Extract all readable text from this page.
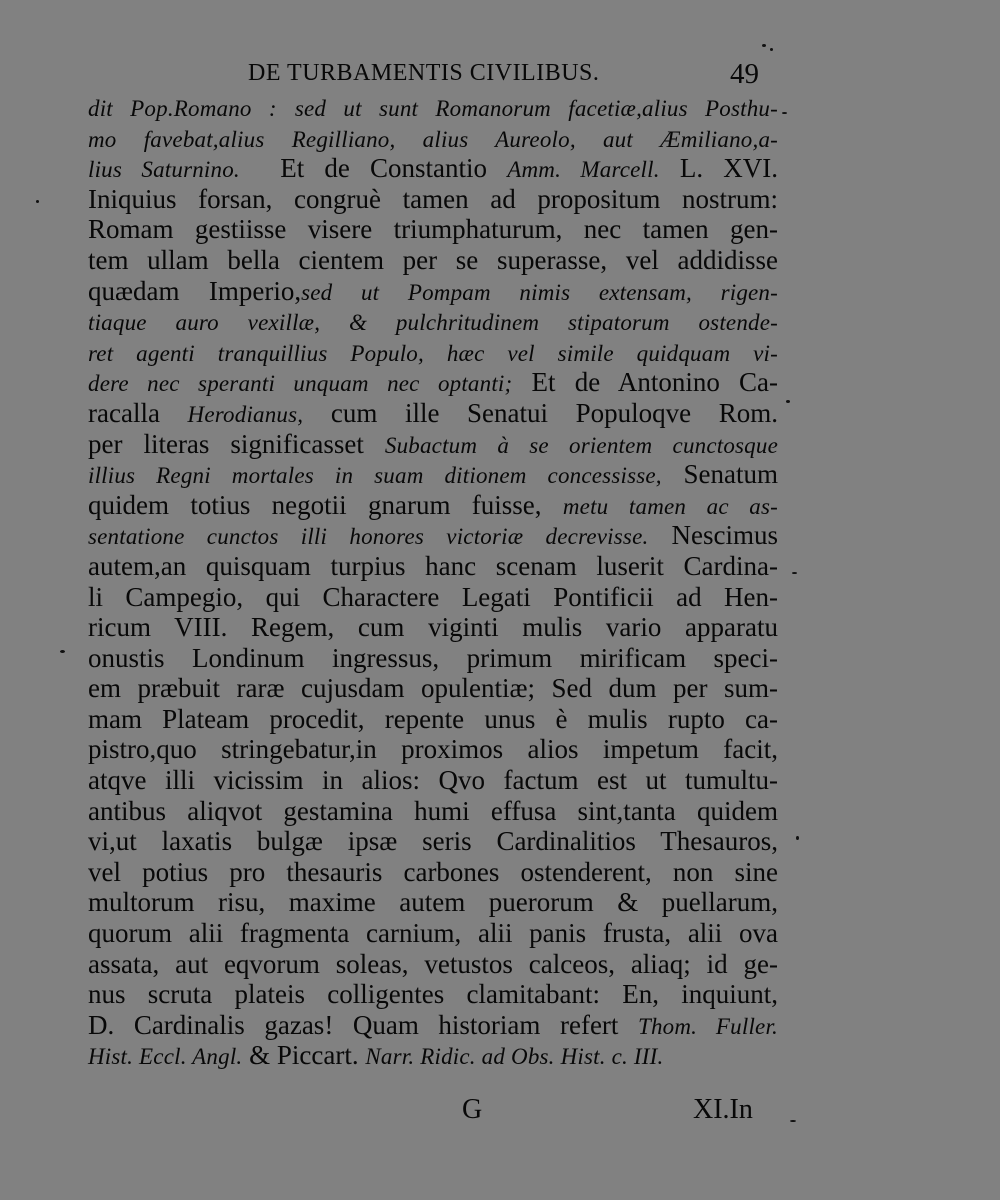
DE TURBAMENTIS CIVILIBUS.	49
dit Pop.Romano : sed ut sunt Romanorum facetiæ,alius Posthu-
mo favebat,alius Regilliano, alius Aureolo, aut Æmiliano,a-
lius Saturnino.  Et de Constantio Amm. Marcell. L. XVI.
Iniquius forsan, congruè tamen ad propositum nostrum:
Romam gestiisse visere triumphaturum, nec tamen gen-
tem ullam bella cientem per se superasse, vel addidisse
quædam Imperio,sed ut Pompam nimis extensam, rigen-
tiaque auro vexillæ, & pulchritudinem stipatorum ostende-
ret agenti tranquillius Populo, hæc vel simile quidquam vi-
dere nec speranti unquam nec optanti; Et de Antonino Ca-
racalla Herodianus, cum ille Senatui Populoqve Rom.
per literas significasset Subactum à se orientem cunctosque
illius Regni mortales in suam ditionem concessisse, Senatum
quidem totius negotii gnarum fuisse, metu tamen ac as-
sentatione cunctos illi honores victoriæ decrevisse. Nescimus
autem,an quisquam turpius hanc scenam luserit Cardina-
li Campegio, qui Charactere Legati Pontificii ad Hen-
ricum VIII. Regem, cum viginti mulis vario apparatu
onustis Londinum ingressus, primum mirificam speci-
em præbuit raræ cujusdam opulentiæ; Sed dum per sum-
mam Plateam procedit, repente unus è mulis rupto ca-
pistro,quo stringebatur,in proximos alios impetum facit,
atqve illi vicissim in alios: Qvo factum est ut tumultu-
antibus aliqvot gestamina humi effusa sint,tanta quidem
vi,ut laxatis bulgæ ipsæ seris Cardinalitios Thesauros,
vel potius pro thesauris carbones ostenderent, non sine
multorum risu, maxime autem puerorum & puellarum,
quorum alii fragmenta carnium, alii panis frusta, alii ova
assata, aut eqvorum soleas, vetustos calceos, aliaq; id ge-
nus scruta plateis colligentes clamitabant: En, inquiunt,
D. Cardinalis gazas! Quam historiam refert Thom. Fuller.
Hist. Eccl. Angl. & Piccart. Narr. Ridic. ad Obs. Hist. c. III.
G	XI.In
